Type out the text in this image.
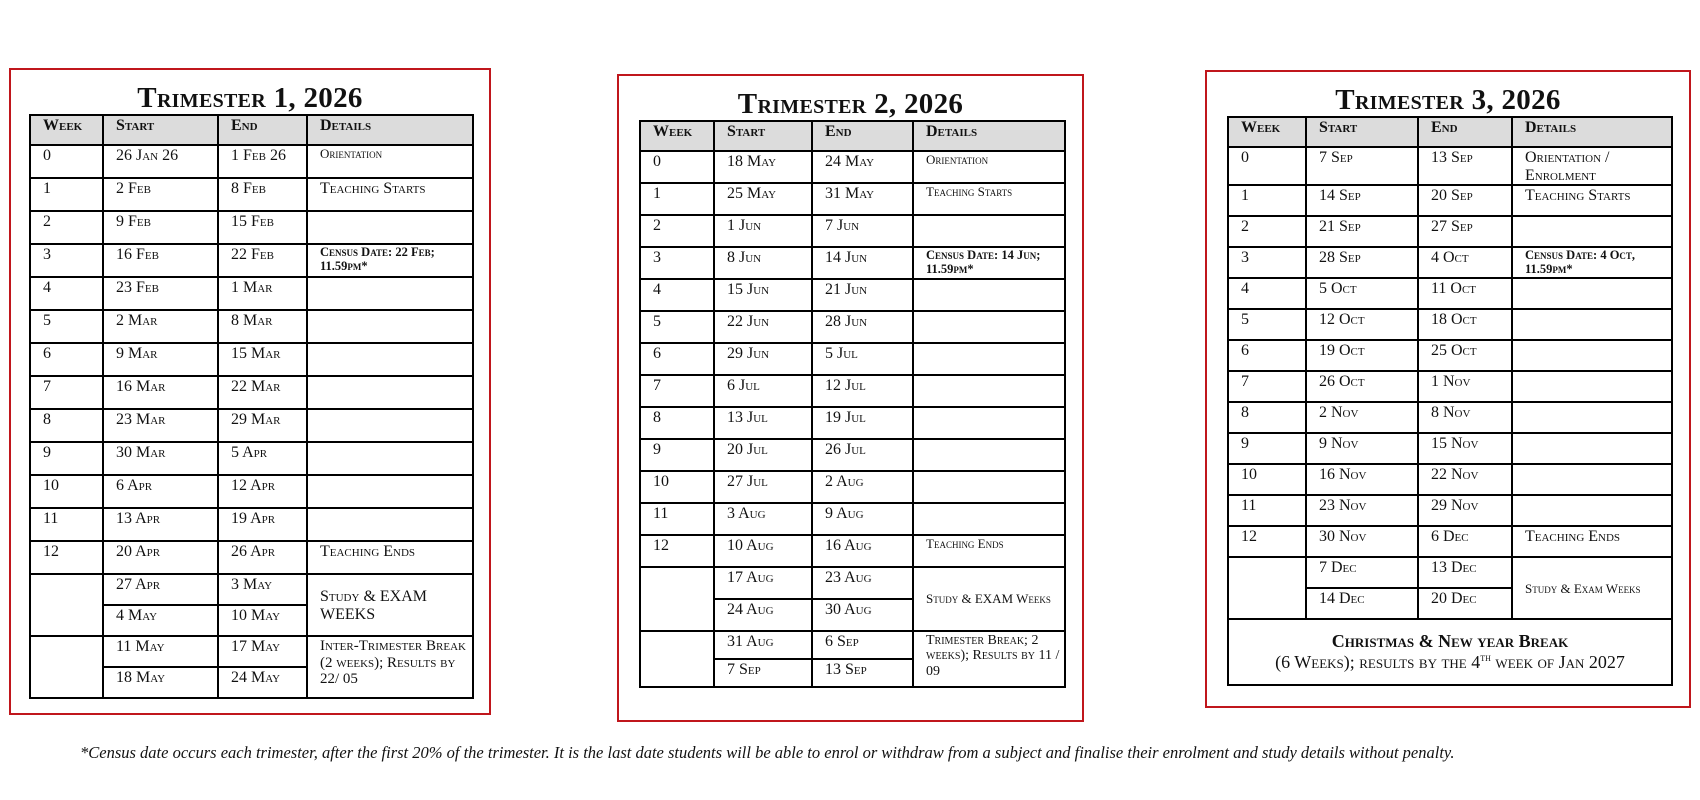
Trimester 1, 2026
Week	Start	End	Details
0	26 Jan 26	1 Feb 26	Orientation
1	2 Feb	8 Feb	Teaching Starts
2	9 Feb	15 Feb	
3	16 Feb	22 Feb	Census Date: 22 Feb; 11.59pm*
4	23 Feb	1 Mar	
5	2 Mar	8 Mar	
6	9 Mar	15 Mar	
7	16 Mar	22 Mar	
8	23 Mar	29 Mar	
9	30 Mar	5 Apr	
10	6 Apr	12 Apr	
11	13 Apr	19 Apr	
12	20 Apr	26 Apr	Teaching Ends
	27 Apr	3 May	Study & EXAM WEEKS
	4 May	10 May	
	11 May	17 May	Inter-Trimester Break (2 weeks); Results by 22/ 05
	18 May	24 May	
Trimester 2, 2026
Week	Start	End	Details
0	18 May	24 May	Orientation
1	25 May	31 May	Teaching Starts
2	1 Jun	7 Jun	
3	8 Jun	14 Jun	Census Date: 14 Jun; 11.59pm*
4	15 Jun	21 Jun	
5	22 Jun	28 Jun	
6	29 Jun	5 Jul	
7	6 Jul	12 Jul	
8	13 Jul	19 Jul	
9	20 Jul	26 Jul	
10	27 Jul	2 Aug	
11	3 Aug	9 Aug	
12	10 Aug	16 Aug	Teaching Ends
	17 Aug	23 Aug	Study & EXAM Weeks
	24 Aug	30 Aug	
	31 Aug	6 Sep	Trimester Break; 2 weeks); Results by 11 / 09
	7 Sep	13 Sep	
Trimester 3, 2026
Week	Start	End	Details
0	7 Sep	13 Sep	Orientation / Enrolment
1	14 Sep	20 Sep	Teaching Starts
2	21 Sep	27 Sep	
3	28 Sep	4 Oct	Census Date: 4 Oct, 11.59pm*
4	5 Oct	11 Oct	
5	12 Oct	18 Oct	
6	19 Oct	25 Oct	
7	26 Oct	1 Nov	
8	2 Nov	8 Nov	
9	9 Nov	15 Nov	
10	16 Nov	22 Nov	
11	23 Nov	29 Nov	
12	30 Nov	6 Dec	Teaching Ends
	7 Dec	13 Dec	Study & Exam Weeks
	14 Dec	20 Dec	

Christmas & New year Break
(6 Weeks); results by the 4th week of Jan 2027			
*Census date occurs each trimester, after the first 20% of the trimester. It is the last date students will be able to enrol or withdraw from a subject and finalise their enrolment and study details without penalty.
